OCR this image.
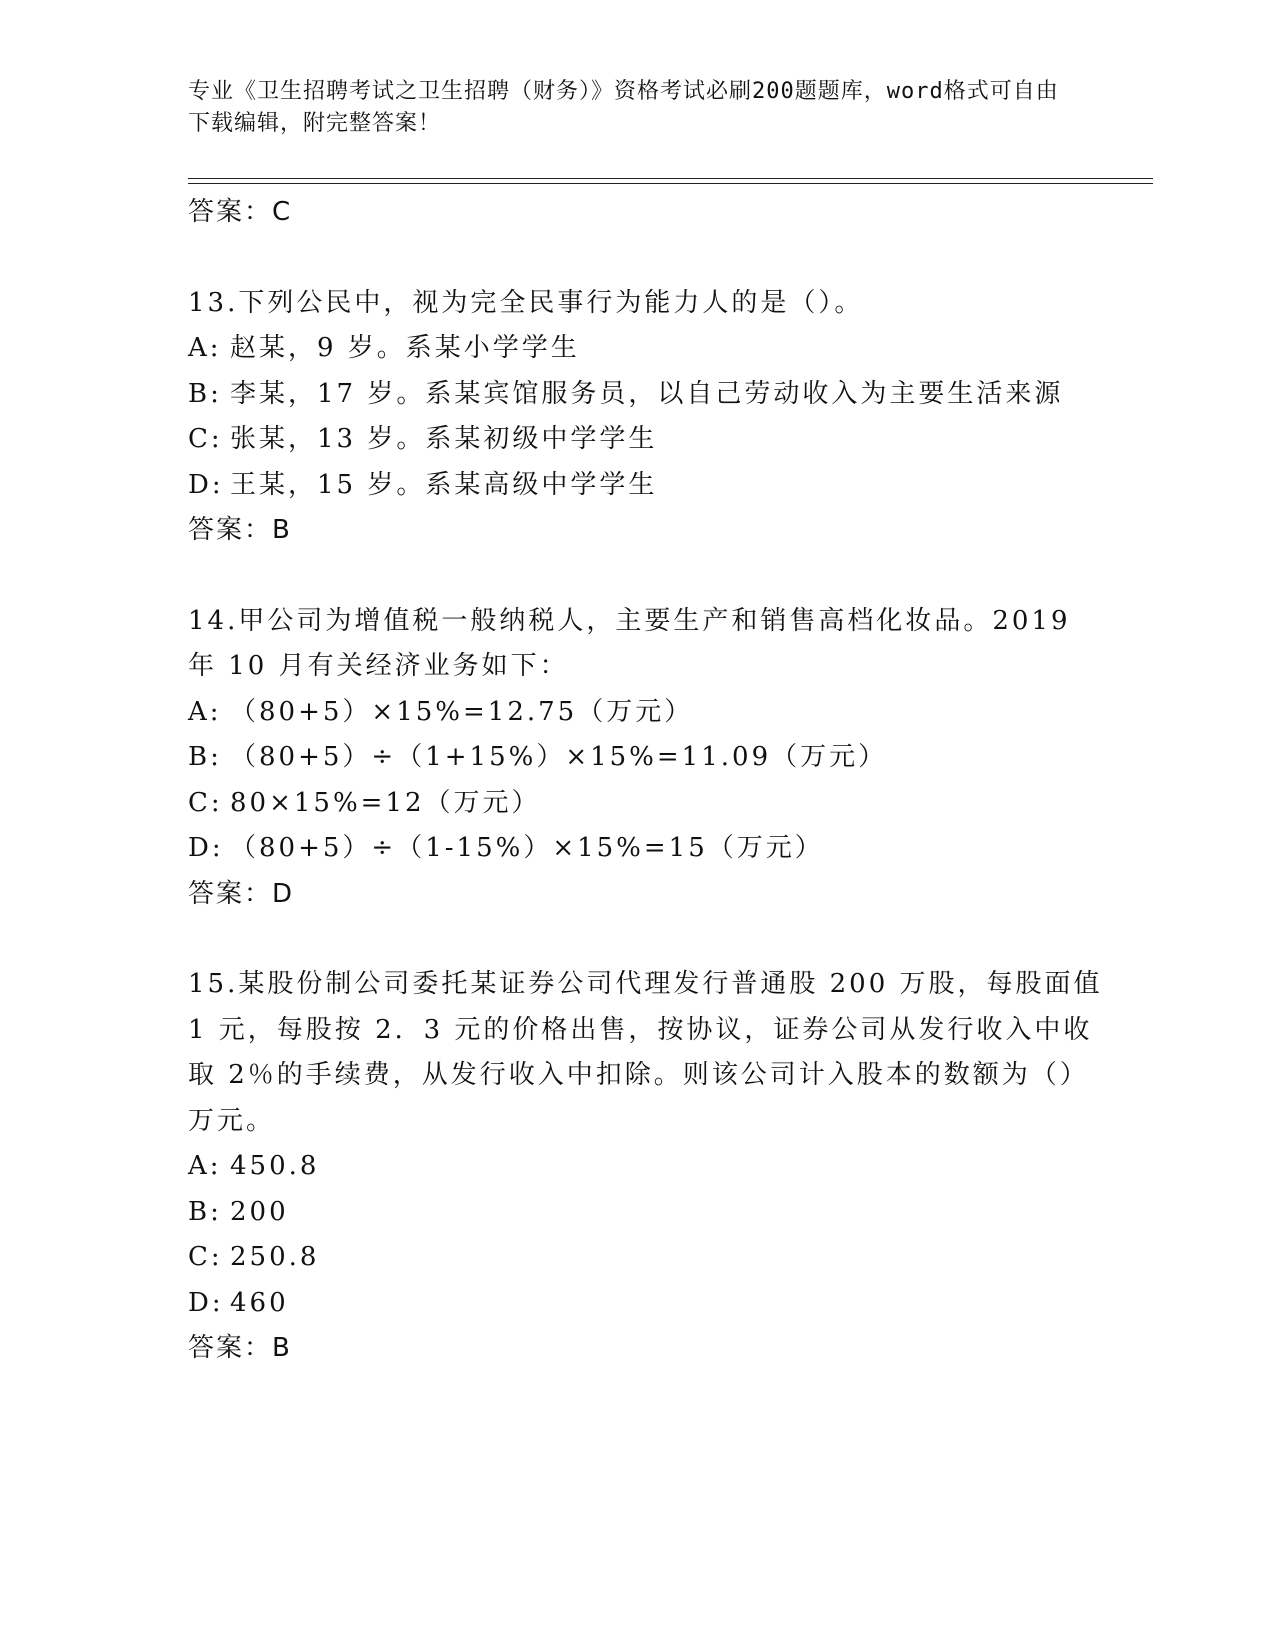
专业《卫生招聘考试之卫生招聘（财务）》资格考试必刷200题题库，word格式可自由下载编辑，附完整答案！
答案：C
13.下列公民中，视为完全民事行为能力人的是（）。
A: 赵某，9 岁。系某小学学生
B: 李某，17 岁。系某宾馆服务员，以自己劳动收入为主要生活来源
C: 张某，13 岁。系某初级中学学生
D: 王某，15 岁。系某高级中学学生
答案：B
14.甲公司为增值税一般纳税人，主要生产和销售高档化妆品。2019
年 10 月有关经济业务如下：
A: （80+5）×15%=12.75（万元）
B: （80+5）÷（1+15%）×15%=11.09（万元）
C: 80×15%=12（万元）
D: （80+5）÷（1-15%）×15%=15（万元）
答案：D
15.某股份制公司委托某证券公司代理发行普通股 200 万股，每股面值
1 元，每股按 2．3 元的价格出售，按协议，证券公司从发行收入中收
取 2％的手续费，从发行收入中扣除。则该公司计入股本的数额为（）
万元。
A: 450.8
B: 200
C: 250.8
D: 460
答案：B
